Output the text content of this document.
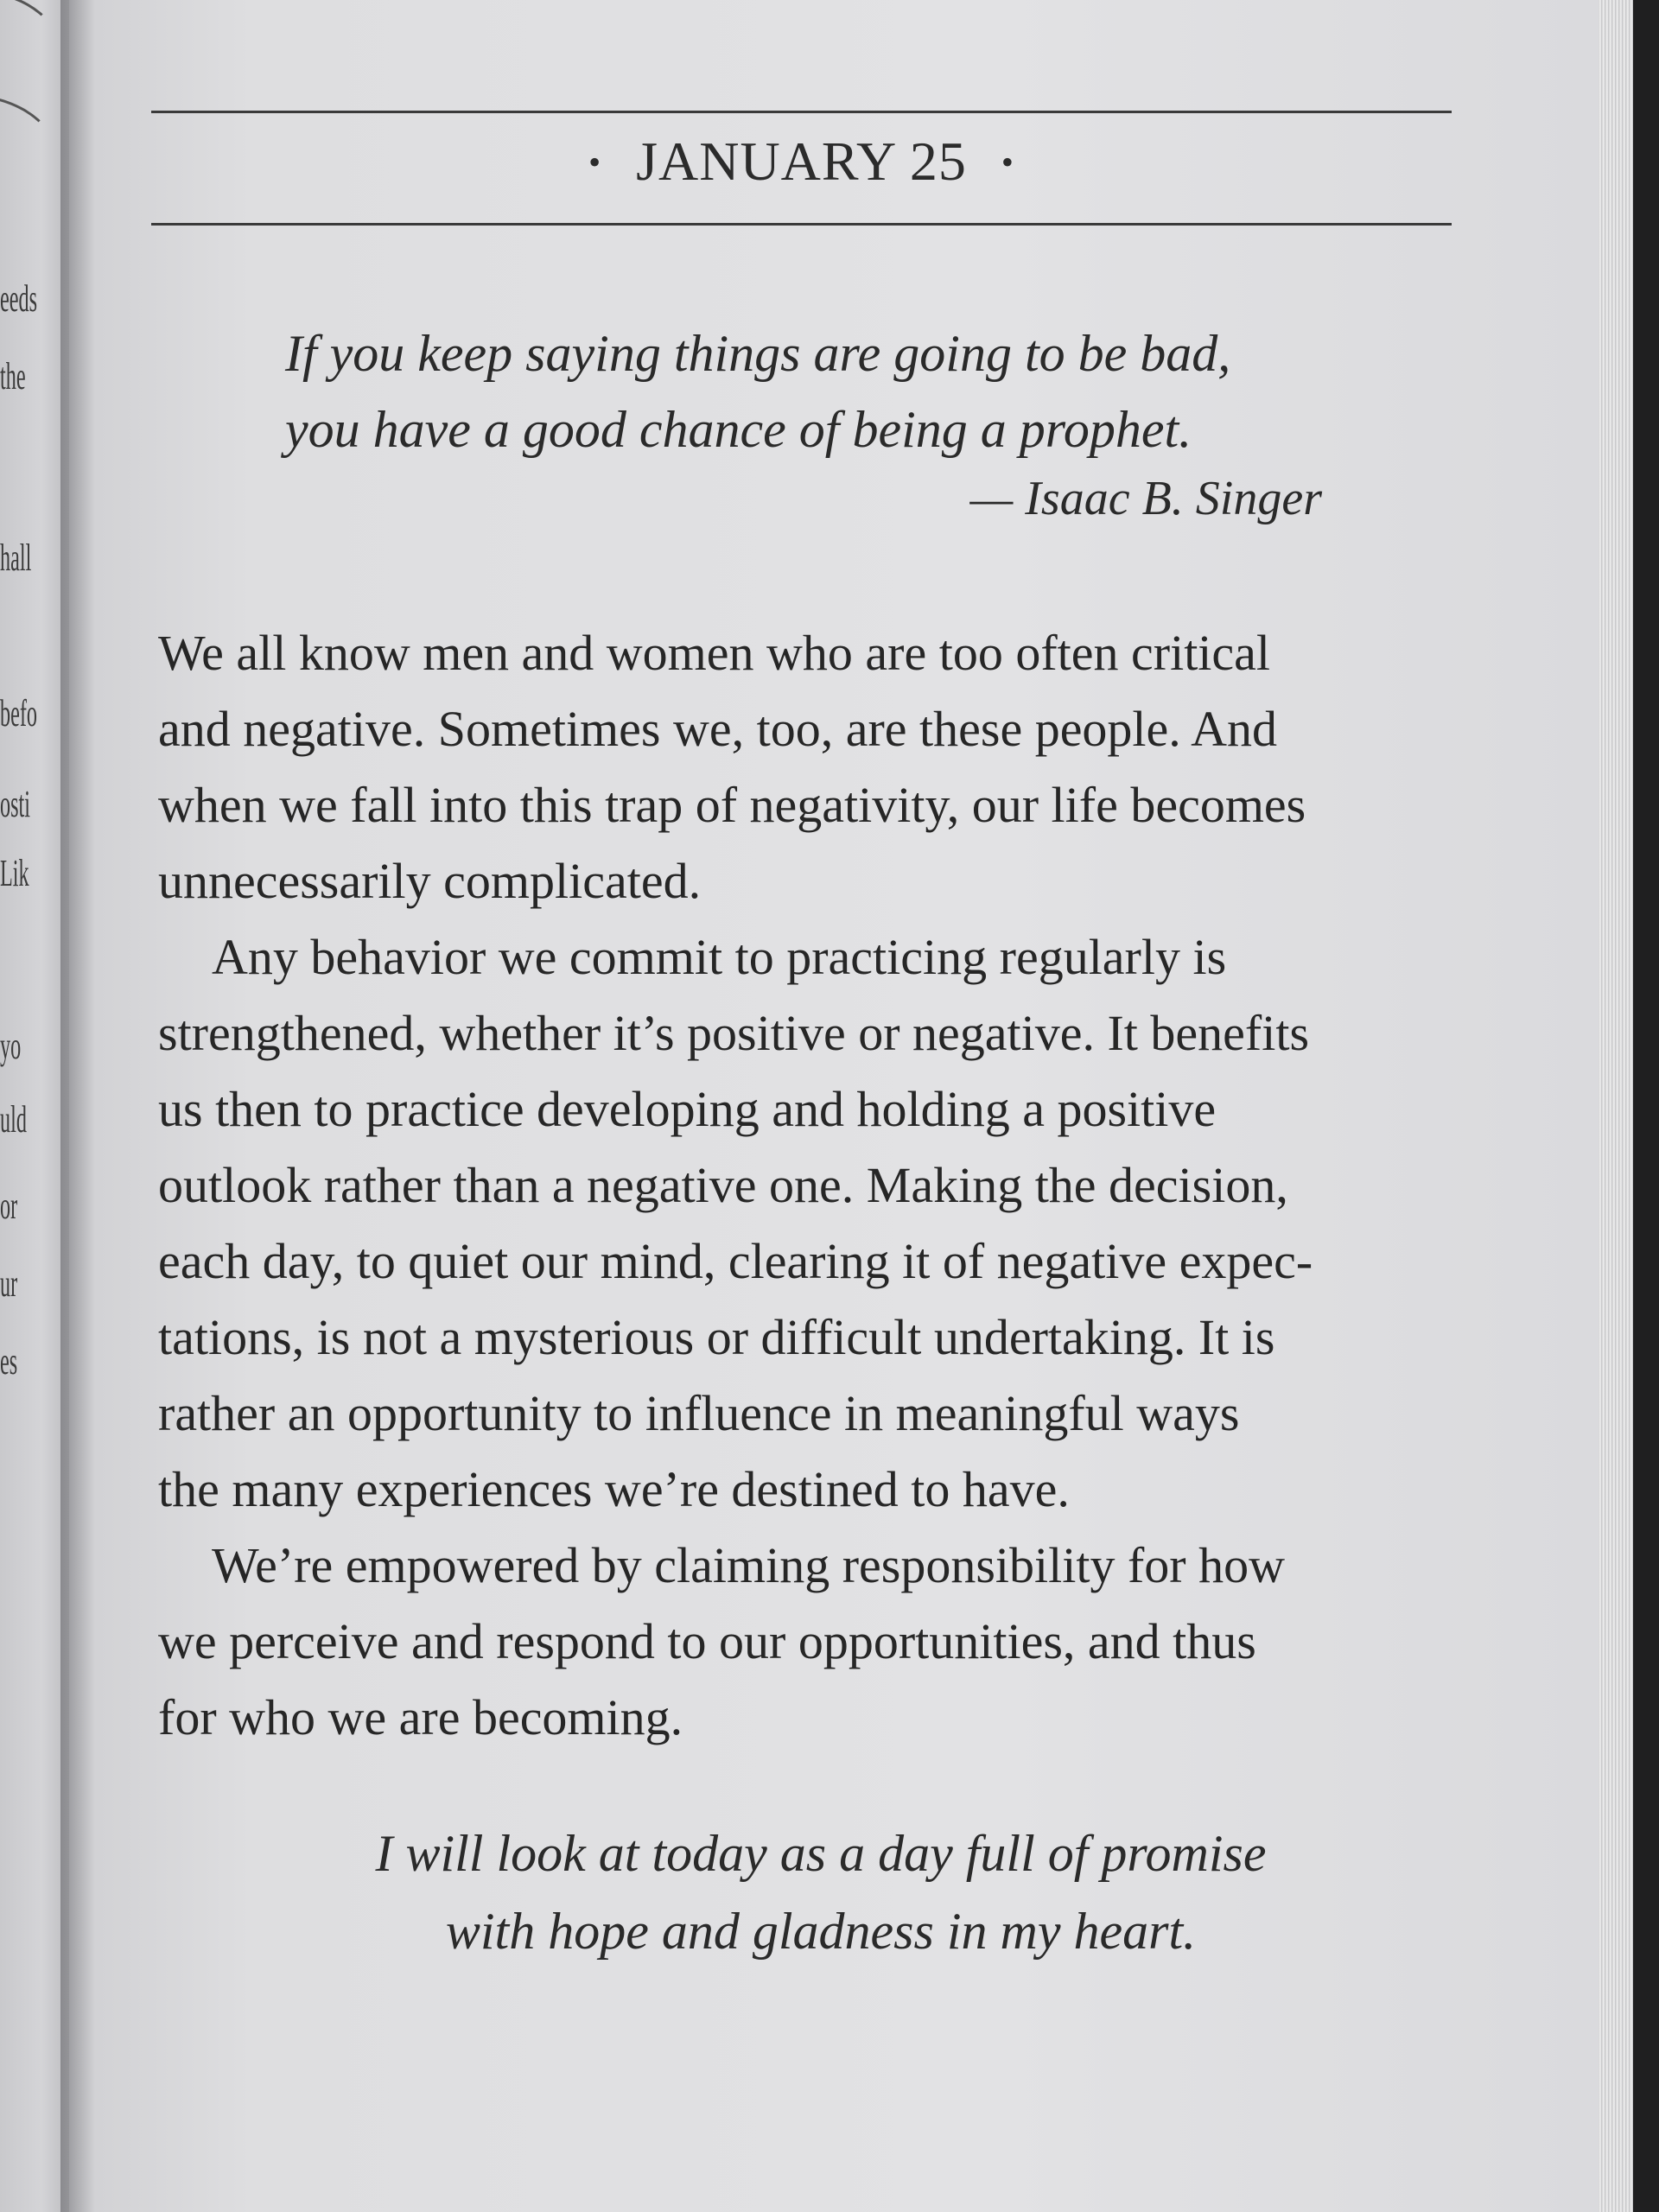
eeds
the
hall
befo
osti
Lik
yo
uld
or
ur
es
• JANUARY 25 •
If you keep saying things are going to be bad,
you have a good chance of being a prophet.
— Isaac B. Singer
We all know men and women who are too often critical
and negative. Sometimes we, too, are these people. And
when we fall into this trap of negativity, our life becomes
unnecessarily complicated.
Any behavior we commit to practicing regularly is
strengthened, whether it’s positive or negative. It benefits
us then to practice developing and holding a positive
outlook rather than a negative one. Making the decision,
each day, to quiet our mind, clearing it of negative expec-
tations, is not a mysterious or difficult undertaking. It is
rather an opportunity to influence in meaningful ways
the many experiences we’re destined to have.
We’re empowered by claiming responsibility for how
we perceive and respond to our opportunities, and thus
for who we are becoming.
I will look at today as a day full of promise
with hope and gladness in my heart.
